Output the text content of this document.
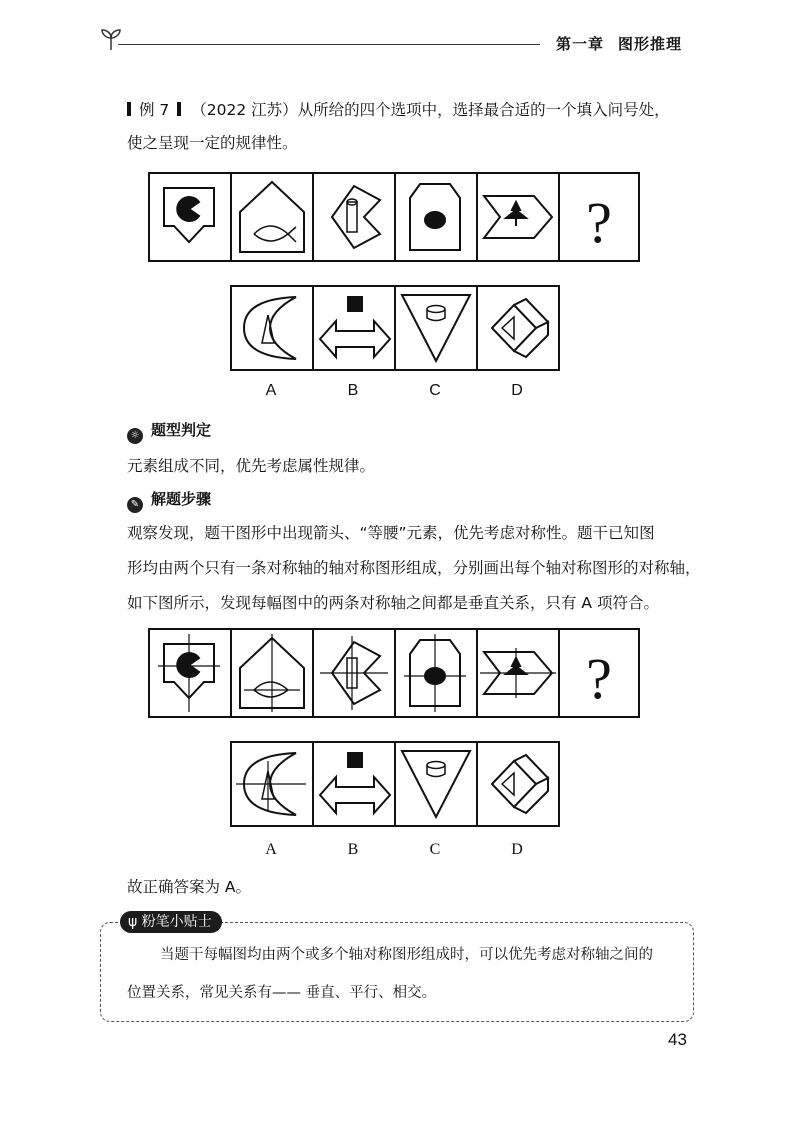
第一章 图形推理
例 7 （2022 江苏）从所给的四个选项中，选择最合适的一个填入问号处，
使之呈现一定的规律性。
?
A	B	C	D
☼ 题型判定
元素组成不同，优先考虑属性规律。
✎ 解题步骤
观察发现，题干图形中出现箭头、“等腰”元素，优先考虑对称性。题干已知图
形均由两个只有一条对称轴的轴对称图形组成，分别画出每个轴对称图形的对称轴，
如下图所示，发现每幅图中的两条对称轴之间都是垂直关系，只有 A 项符合。
?
A	B	C	D
故正确答案为 A。
ψ 粉笔小贴士
当题干每幅图均由两个或多个轴对称图形组成时，可以优先考虑对称轴之间的
位置关系，常见关系有—— 垂直、平行、相交。
43
